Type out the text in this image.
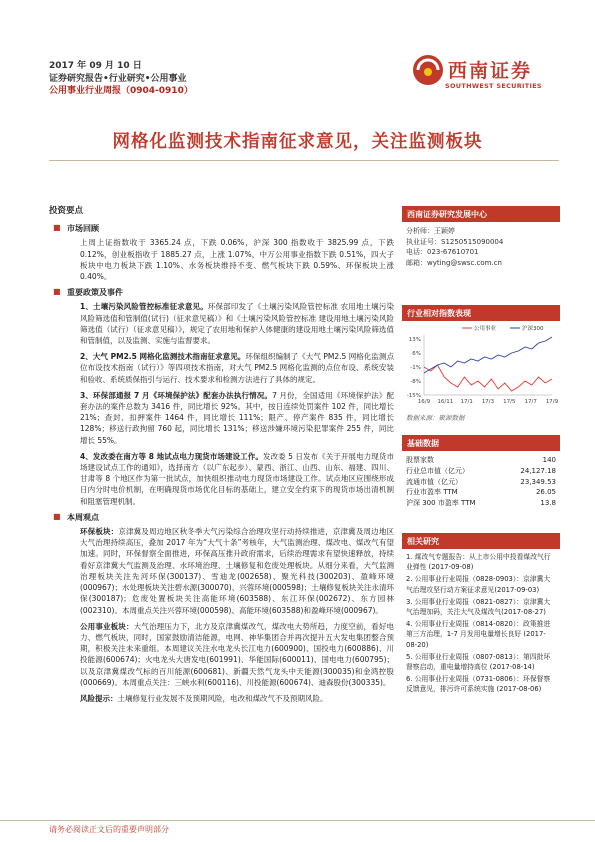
2017 年 09 月 10 日
证券研究报告•行业研究•公用事业
公用事业行业周报（0904-0910）
西南证券
SOUTHWEST SECURITIES
网格化监测技术指南征求意见，关注监测板块
投资要点
■ 市场回顾
上周上证指数收于 3365.24 点，下跌 0.06%，沪深 300 指数收于 3825.99 点，下跌 0.12%，创业板指收于 1885.27 点，上涨 1.07%，中万公用事业指数下跌 0.51%，四大子板块中电力板块下跌 1.10%、水务板块维持不变、燃气板块下跌 0.59%、环保板块上涨 0.40%。
■ 重要政策及事件
1、土壤污染风险管控标准征求意见。环保部印发了《土壤污染风险管控标准 农用地土壤污染风险筛选值和管制值(试行)（征求意见稿）》和《土壤污染风险管控标准 建设用地土壤污染风险筛选值（试行）（征求意见稿）》，规定了农用地和保护人体健康的建设用地土壤污染风险筛选值和管制值，以及监测、实施与监督要求。
2、大气 PM2.5 网格化监测技术指南征求意见。环保组织编制了《大气 PM2.5 网格化监测点位布设技术指南（试行）》等四项技术指南，对大气 PM2.5 网格化监测的点位布设、系统安装和验收、系统质保指引与运行、技术要求和检测方法进行了具体的规定。
3、环保部通报 7 月《环境保护法》配套办法执行情况。7 月份，全国适用《环境保护法》配套办法的案件总数为 3416 件，同比增长 92%。其中，按日连续处罚案件 102 件，同比增长 21%；查封、扣押案件 1464 件，同比增长 111%；限产、停产案件 835 件，同比增长 128%；移送行政拘留 760 起，同比增长 131%；移送涉嫌环境污染犯罪案件 255 件，同比增长 55%。
4、发改委在南方等 8 地试点电力现货市场建设工作。发改委 5 日发布《关于开展电力现货市场建设试点工作的通知》，选择南方（以广东起步）、蒙西、浙江、山西、山东、福建、四川、甘肃等 8 个地区作为第一批试点，加快组织推动电力现货市场建设工作。试点地区应围绕形成日内分时电价机制，在明确现货市场优化目标的基础上，建立安全约束下的现货市场出清机制和阻塞管理机制。
■ 本周观点
环保板块：京津冀及周边地区秋冬季大气污染综合治理攻坚行动持续推进，京津冀及周边地区大气治理持续高压，叠加 2017 年为“大气十条”考核年，大气监测治理、煤改电、煤改气有望加速。同时，环保督察全面推进，环保高压推升政府需求，后续治理需求有望快速释放，持续看好京津冀大气监测及治理、水环境治理、土壤修复和危废处理板块。从细分来看，大气监测治理板块关注先河环保(300137)、雪迪龙(002658)、聚光科技(300203)、盈峰环境(000967)；水处理板块关注碧水源(300070)、兴蓉环境(000598)；土壤修复板块关注永清环保(300187)；危废处置板块关注高能环境(603588)、东江环保(002672)、东方园林(002310)。本周重点关注兴蓉环境(000598)、高能环境(603588)和盈峰环境(000967)。
公用事业板块：大气治理压力下，北方及京津冀煤改气、煤改电大势所趋，力度空前，看好电力、燃气板块，同时，国家鼓励清洁能源，电网、神华集团合并再次提升五大发电集团整合预期，积极关注未来重组。本周建议关注水电龙头长江电力(600900)、国投电力(600886)、川投能源(600674)；火电龙头大唐发电(601991)、华能国际(600011)、国电电力(600795)；以及京津冀煤改气标的百川能源(600681)、新疆天然气龙头中天能源(300035)和金鸿控股(000669)。本周重点关注：三峡水利(600116)、川投能源(600674)、迪森股份(300335)。
风险提示：土壤修复行业发展不及预期风险，电改和煤改气不及预期风险。
西南证券研究发展中心
分析师：王颖婷
执业证号：S1250515090004
电话：023-67610701
邮箱：wyting@swsc.com.cn
行业相对指数表现
-15%
-8%
-1%
6%
13%
16/9 16/11 17/1 17/3 17/5 17/7 17/9
公用事业	沪深300
数据来源：聚源数据
基础数据
股票家数	140
行业总市值（亿元）	24,127.18
流通市值（亿元）	23,349.53
行业市盈率 TTM	26.05
沪深 300 市盈率 TTM	13.8
相关研究
1. 煤改气专题报告：从上市公用中投看煤改气行业弹性 (2017-09-08)
2. 公用事业行业周报（0828-0903）：京津冀大气治理攻坚行动方案征求意见(2017-09-03)
3. 公用事业行业周报（0821-0827）：京津冀大气治理加码，关注大气及煤改气(2017-08-27)
4. 公用事业行业周报（0814-0820）：政策推进第三方治理，1-7 月发用电量增长良好 (2017-08-20)
5. 公用事业行业周报（0807-0813）：第四批环督察启动，重电量增持高位 (2017-08-14)
6. 公用事业行业周报（0731-0806）：环保督察反馈意见，排污许可系统实施 (2017-08-06)
请务必阅读正文后的重要声明部分
